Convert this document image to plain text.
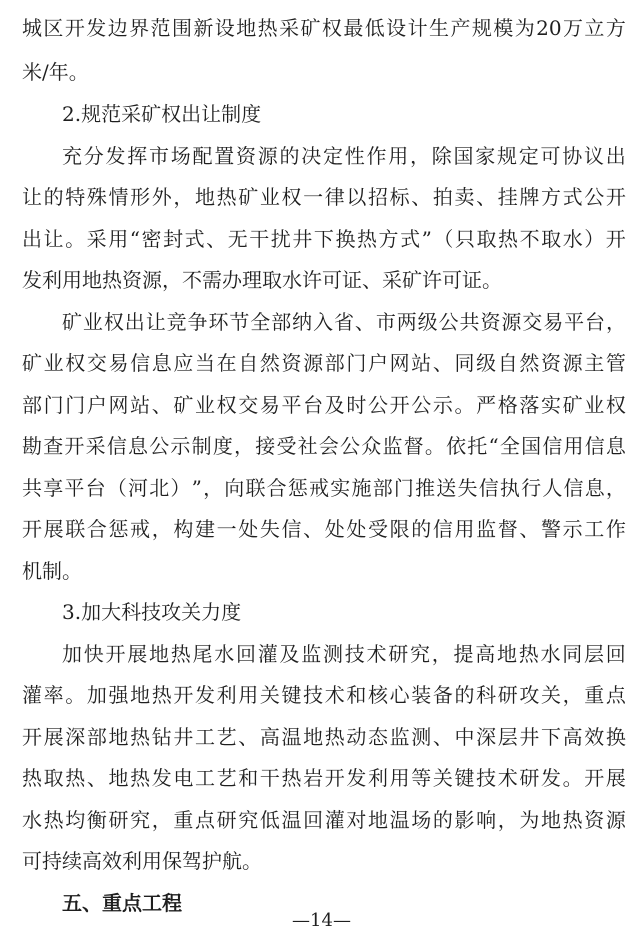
城 区 开 发 边 界 范 围 新 设 地 热 采 矿 权 最 低 设 计 生 产 规 模 为 20 万 立 方
米/年。
2.规范采矿权出让制度
充 分 发 挥 市 场 配 置 资 源 的 决 定 性 作 用 ， 除 国 家 规 定 可 协 议 出
让 的 特 殊 情 形 外 ， 地 热 矿 业 权 一 律 以 招 标 、 拍 卖 、 挂 牌 方 式 公 开
出 让 。 采 用 “ 密 封 式 、 无 干 扰 井 下 换 热 方 式 ” （ 只 取 热 不 取 水 ） 开
发利用地热资源，不需办理取水许可证、采矿许可证。
矿 业 权 出 让 竞 争 环 节 全 部 纳 入 省 、 市 两 级 公 共 资 源 交 易 平 台 ，
矿 业 权 交 易 信 息 应 当 在 自 然 资 源 部 门 户 网 站 、 同 级 自 然 资 源 主 管
部 门 门 户 网 站 、 矿 业 权 交 易 平 台 及 时 公 开 公 示 。 严 格 落 实 矿 业 权
勘 查 开 采 信 息 公 示 制 度 ， 接 受 社 会 公 众 监 督 。 依 托 “ 全 国 信 用 信 息
共 享 平 台 （ 河 北 ） ” ， 向 联 合 惩 戒 实 施 部 门 推 送 失 信 执 行 人 信 息 ，
开 展 联 合 惩 戒 ， 构 建 一 处 失 信 、 处 处 受 限 的 信 用 监 督 、 警 示 工 作
机制。
3.加大科技攻关力度
加 快 开 展 地 热 尾 水 回 灌 及 监 测 技 术 研 究 ， 提 高 地 热 水 同 层 回
灌 率 。 加 强 地 热 开 发 利 用 关 键 技 术 和 核 心 装 备 的 科 研 攻 关 ， 重 点
开 展 深 部 地 热 钻 井 工 艺 、 高 温 地 热 动 态 监 测 、 中 深 层 井 下 高 效 换
热 取 热 、 地 热 发 电 工 艺 和 干 热 岩 开 发 利 用 等 关 键 技 术 研 发 。 开 展
水 热 均 衡 研 究 ， 重 点 研 究 低 温 回 灌 对 地 温 场 的 影 响 ， 为 地 热 资 源
可持续高效利用保驾护航。
五、重点工程
—14—
